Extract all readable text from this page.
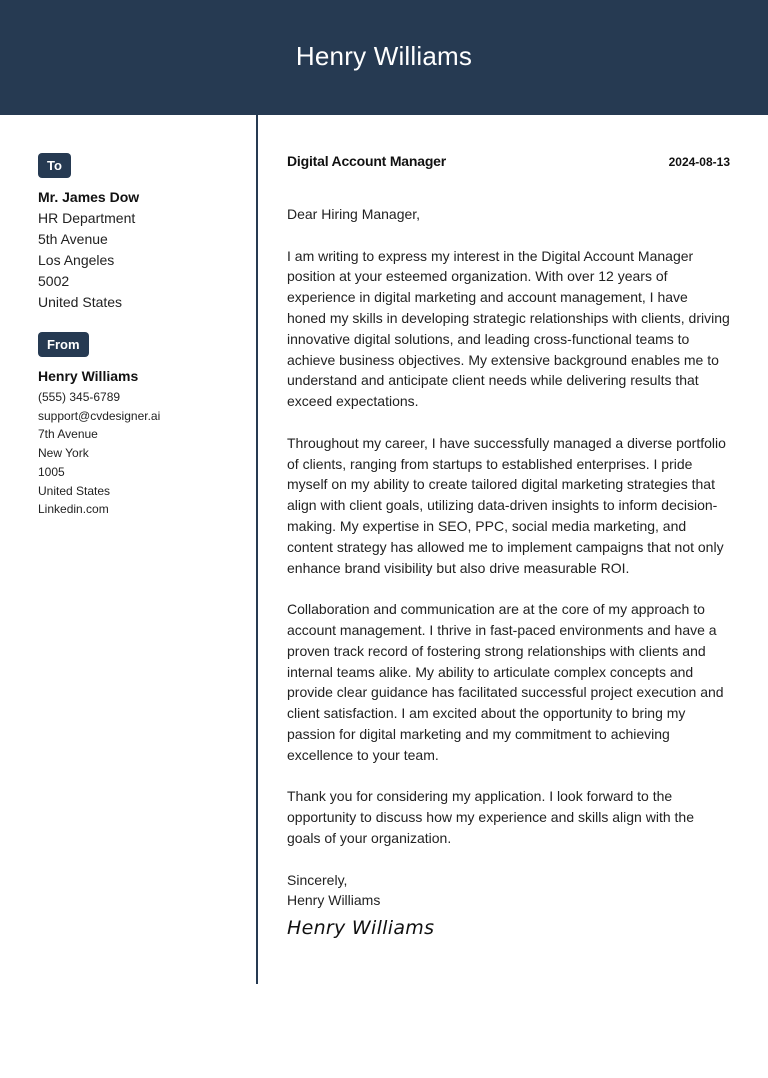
Henry Williams
To
Mr. James Dow
HR Department
5th Avenue
Los Angeles
5002
United States
From
Henry Williams
(555) 345-6789
support@cvdesigner.ai
7th Avenue
New York
1005
United States
Linkedin.com
Digital Account Manager	2024-08-13
Dear Hiring Manager,

I am writing to express my interest in the Digital Account Manager position at your esteemed organization. With over 12 years of experience in digital marketing and account management, I have honed my skills in developing strategic relationships with clients, driving innovative digital solutions, and leading cross-functional teams to achieve business objectives. My extensive background enables me to understand and anticipate client needs while delivering results that exceed expectations.

Throughout my career, I have successfully managed a diverse portfolio of clients, ranging from startups to established enterprises. I pride myself on my ability to create tailored digital marketing strategies that align with client goals, utilizing data-driven insights to inform decision-making. My expertise in SEO, PPC, social media marketing, and content strategy has allowed me to implement campaigns that not only enhance brand visibility but also drive measurable ROI.

Collaboration and communication are at the core of my approach to account management. I thrive in fast-paced environments and have a proven track record of fostering strong relationships with clients and internal teams alike. My ability to articulate complex concepts and provide clear guidance has facilitated successful project execution and client satisfaction. I am excited about the opportunity to bring my passion for digital marketing and my commitment to achieving excellence to your team.

Thank you for considering my application. I look forward to the opportunity to discuss how my experience and skills align with the goals of your organization.

Sincerely,
Henry Williams
Henry Williams
